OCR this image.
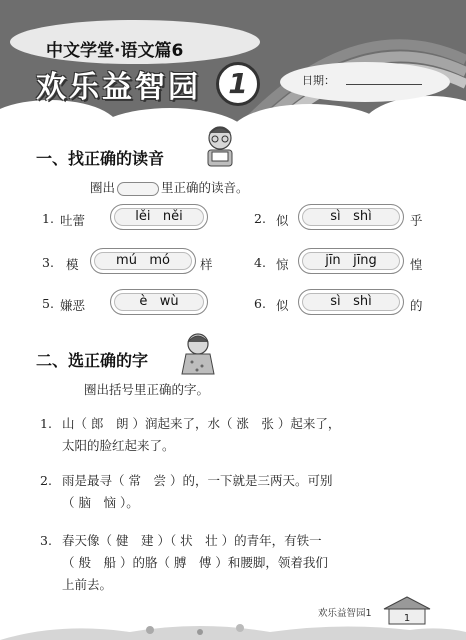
中文学堂·语文篇6
欢乐益智园 1	日期：
一、找正确的读音
圈出	里正确的读音。
1. 吐蕾	lěi něi	2. 似	sì shì	乎
3. 模	mú mó	样	4. 惊	jīn jīng	惶
5. 嫌恶	è wù	6. 似	sì shì	的
二、选正确的字
圈出括号里正确的字。
1. 山（ 郎　朗 ）润起来了，水（ 涨　张 ）起来了，
太阳的脸红起来了。
2. 雨是最寻（ 常　尝 ）的，一下就是三两天。可别
（ 脑　恼 ）。
3. 春天像（ 健　建 ）（ 状　壮 ）的青年，有铁一
（ 般　船 ）的胳（ 膊　傅 ）和腰脚，领着我们
上前去。
欢乐益智园1	1
